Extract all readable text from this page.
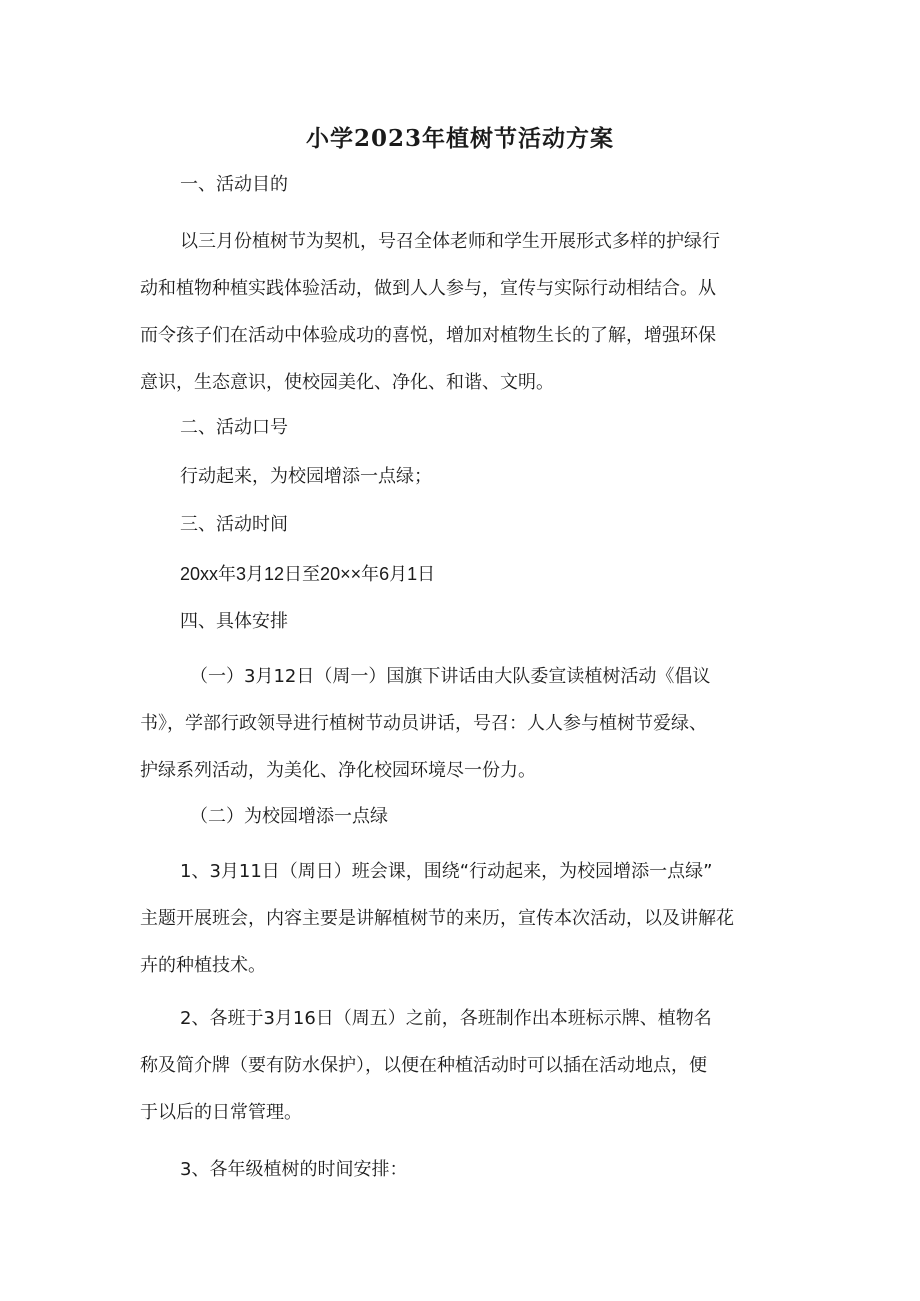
小学2023年植树节活动方案

一、活动目的

以三月份植树节为契机，号召全体老师和学生开展形式多样的护绿行
动和植物种植实践体验活动，做到人人参与，宣传与实际行动相结合。从
而令孩子们在活动中体验成功的喜悦，增加对植物生长的了解，增强环保
意识，生态意识，使校园美化、净化、和谐、文明。

二、活动口号

行动起来，为校园增添一点绿；

三、活动时间

20xx年3月12日至20××年6月1日

四、具体安排

（一）3月12日（周一）国旗下讲话由大队委宣读植树活动《倡议
书》，学部行政领导进行植树节动员讲话，号召：人人参与植树节爱绿、
护绿系列活动，为美化、净化校园环境尽一份力。

（二）为校园增添一点绿

1、3月11日（周日）班会课，围绕“行动起来，为校园增添一点绿”
主题开展班会，内容主要是讲解植树节的来历，宣传本次活动，以及讲解花
卉的种植技术。

2、各班于3月16日（周五）之前，各班制作出本班标示牌、植物名
称及简介牌（要有防水保护），以便在种植活动时可以插在活动地点，便
于以后的日常管理。

3、各年级植树的时间安排：
